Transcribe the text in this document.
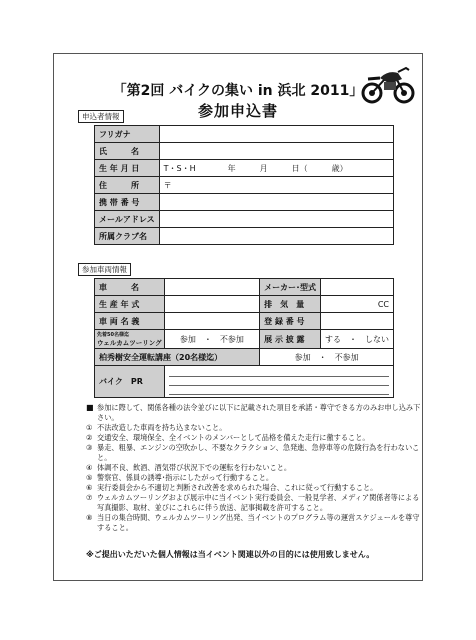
「第2回 バイクの集い in 浜北 2011」
参加申込書
申込者情報
フリガナ	
氏　　　名	
生 年 月 日	T・S・H　　　　年　　　月　　　日（　　　歳）
住　　　所	〒
携 帯 番 号	
メールアドレス	
所属クラブ名	
参加車両情報
車　　　名		メーカー･型式	
生 産 年 式		排　気　量	CC
車 両 名 義		登 録 番 号	

先着50名様迄
ウェルカムツーリング	参加　・　不参加	展 示 披 露	する　・　しない
柏秀樹安全運転講座（20名様迄）		参加　・　不参加	
バイク　PR			
■ 参加に際して、関係各種の法令並びに以下に記載された項目を承諾・尊守できる方のみお申し込み下さい。
① 不法改造した車両を持ち込まないこと。
② 交通安全、環境保全、全イベントのメンバーとして品格を備えた走行に徹すること。
③ 暴走、粗暴、エンジンの空吹かし、不要なクラクション、急発進、急停車等の危険行為を行わないこと。
④ 体調不良、飲酒、酒気帯び状況下での運転を行わないこと。
⑤ 警察官、係員の誘導･指示にしたがって行動すること。
⑥ 実行委員会から不適切と判断され改善を求められた場合、これに従って行動すること。
⑦ ウェルカムツーリングおよび展示中に当イベント実行委員会、一般見学者、メディア関係者等による写真撮影、取材、並びにこれらに伴う放送、記事掲載を許可すること。
⑧ 当日の集合時間、ウェルカムツーリング出発、当イベントのプログラム等の運営スケジュールを尊守すること。
※ご提出いただいた個人情報は当イベント関連以外の目的には使用致しません。
